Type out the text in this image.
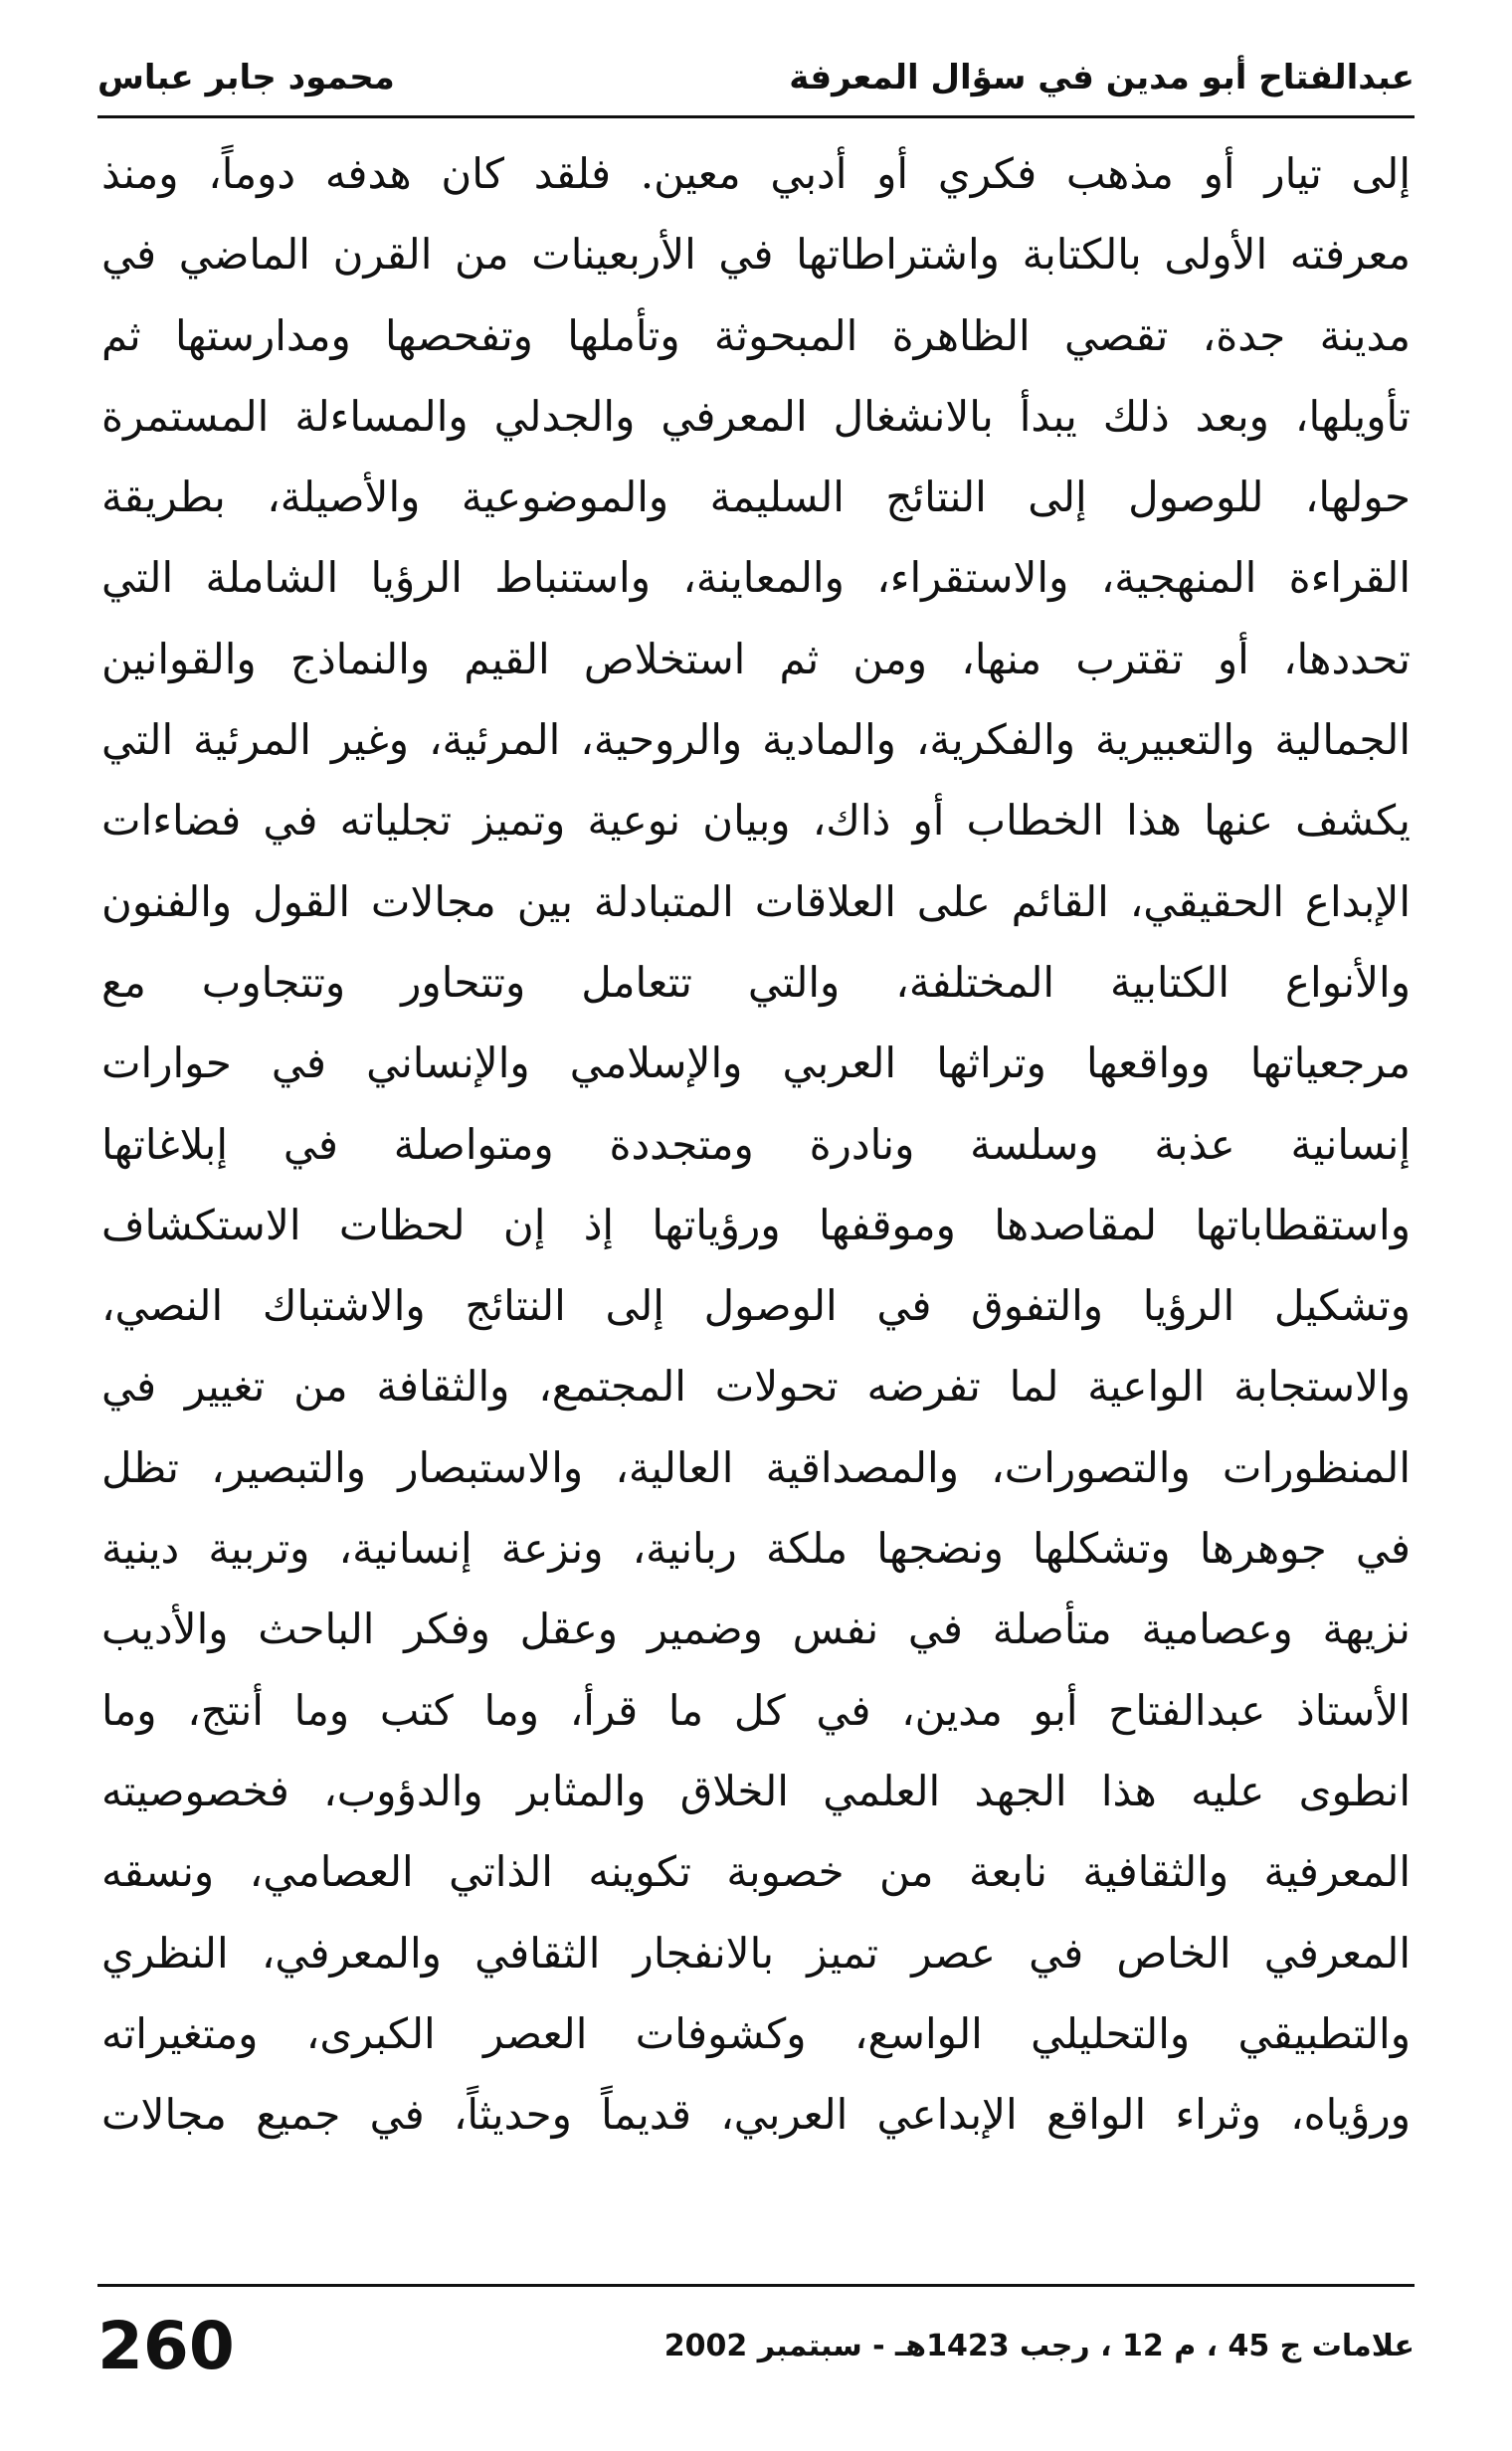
عبدالفتاح أبو مدين في سؤال المعرفة
محمود جابر عباس
إلى تيار أو مذهب فكري أو أدبي معين. فلقد كان هدفه دوماً، ومنذ
معرفته الأولى بالكتابة واشتراطاتها في الأربعينات من القرن الماضي في
مدينة جدة، تقصي الظاهرة المبحوثة وتأملها وتفحصها ومدارستها ثم
تأويلها، وبعد ذلك يبدأ بالانشغال المعرفي والجدلي والمساءلة المستمرة
حولها، للوصول إلى النتائج السليمة والموضوعية والأصيلة، بطريقة
القراءة المنهجية، والاستقراء، والمعاينة، واستنباط الرؤيا الشاملة التي
تحددها، أو تقترب منها، ومن ثم استخلاص القيم والنماذج والقوانين
الجمالية والتعبيرية والفكرية، والمادية والروحية، المرئية، وغير المرئية التي
يكشف عنها هذا الخطاب أو ذاك، وبيان نوعية وتميز تجلياته في فضاءات
الإبداع الحقيقي، القائم على العلاقات المتبادلة بين مجالات القول والفنون
والأنواع الكتابية المختلفة، والتي تتعامل وتتحاور وتتجاوب مع
مرجعياتها وواقعها وتراثها العربي والإسلامي والإنساني في حوارات
إنسانية عذبة وسلسة ونادرة ومتجددة ومتواصلة في إبلاغاتها
واستقطاباتها لمقاصدها وموقفها ورؤياتها إذ إن لحظات الاستكشاف
وتشكيل الرؤيا والتفوق في الوصول إلى النتائج والاشتباك النصي،
والاستجابة الواعية لما تفرضه تحولات المجتمع، والثقافة من تغيير في
المنظورات والتصورات، والمصداقية العالية، والاستبصار والتبصير، تظل
في جوهرها وتشكلها ونضجها ملكة ربانية، ونزعة إنسانية، وتربية دينية
نزيهة وعصامية متأصلة في نفس وضمير وعقل وفكر الباحث والأديب
الأستاذ عبدالفتاح أبو مدين، في كل ما قرأ، وما كتب وما أنتج، وما
انطوى عليه هذا الجهد العلمي الخلاق والمثابر والدؤوب، فخصوصيته
المعرفية والثقافية نابعة من خصوبة تكوينه الذاتي العصامي، ونسقه
المعرفي الخاص في عصر تميز بالانفجار الثقافي والمعرفي، النظري
والتطبيقي والتحليلي الواسع، وكشوفات العصر الكبرى، ومتغيراته
ورؤياه، وثراء الواقع الإبداعي العربي، قديماً وحديثاً، في جميع مجالات
علامات ج 45 ، م 12 ، رجب 1423هـ - سبتمبر 2002
260
